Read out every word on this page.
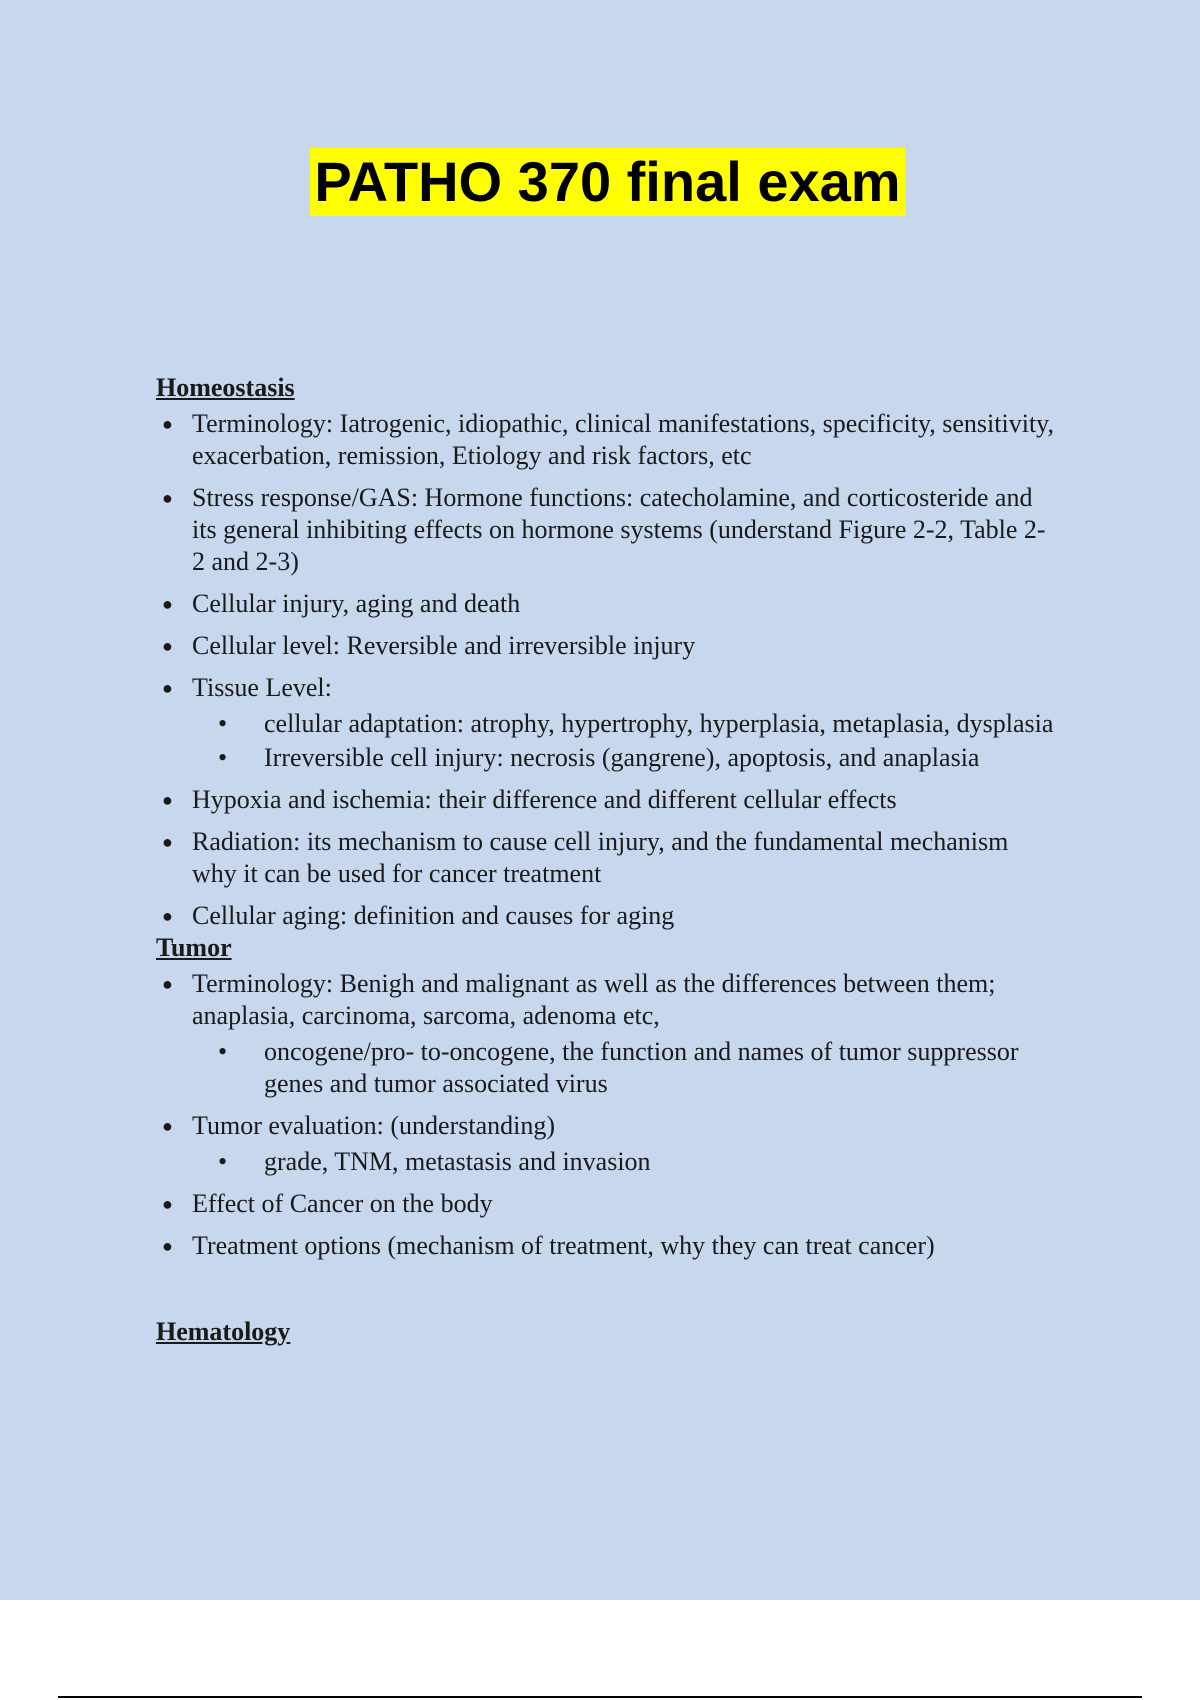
PATHO 370 final exam
Homeostasis
● Terminology: Iatrogenic, idiopathic, clinical manifestations, specificity, sensitivity, exacerbation, remission, Etiology and risk factors, etc
● Stress response/GAS: Hormone functions: catecholamine, and corticosteride and its general inhibiting effects on hormone systems (understand Figure 2-2, Table 2-2 and 2-3)
● Cellular injury, aging and death
● Cellular level: Reversible and irreversible injury
● Tissue Level:
• cellular adaptation: atrophy, hypertrophy, hyperplasia, metaplasia, dysplasia
• Irreversible cell injury: necrosis (gangrene), apoptosis, and anaplasia
● Hypoxia and ischemia: their difference and different cellular effects
● Radiation: its mechanism to cause cell injury, and the fundamental mechanism why it can be used for cancer treatment
● Cellular aging: definition and causes for aging
Tumor
● Terminology: Benigh and malignant as well as the differences between them; anaplasia, carcinoma, sarcoma, adenoma etc,
• oncogene/pro- to-oncogene, the function and names of tumor suppressor genes and tumor associated virus
● Tumor evaluation: (understanding)
• grade, TNM, metastasis and invasion
● Effect of Cancer on the body
● Treatment options (mechanism of treatment, why they can treat cancer)
Hematology
